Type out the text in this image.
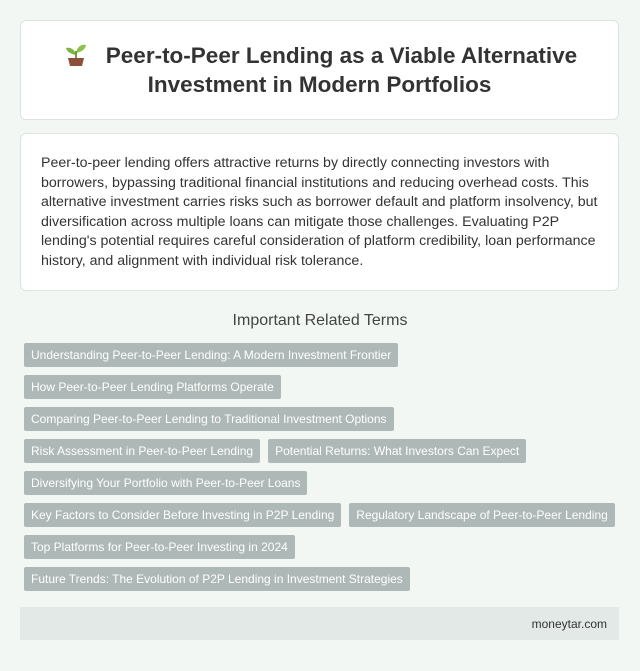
Peer-to-Peer Lending as a Viable Alternative Investment in Modern Portfolios

Peer-to-peer lending offers attractive returns by directly connecting investors with borrowers, bypassing traditional financial institutions and reducing overhead costs. This alternative investment carries risks such as borrower default and platform insolvency, but diversification across multiple loans can mitigate those challenges. Evaluating P2P lending's potential requires careful consideration of platform credibility, loan performance history, and alignment with individual risk tolerance.

Important Related Terms
Understanding Peer-to-Peer Lending: A Modern Investment Frontier
How Peer-to-Peer Lending Platforms Operate
Comparing Peer-to-Peer Lending to Traditional Investment Options
Risk Assessment in Peer-to-Peer Lending	Potential Returns: What Investors Can Expect
Diversifying Your Portfolio with Peer-to-Peer Loans
Key Factors to Consider Before Investing in P2P Lending	Regulatory Landscape of Peer-to-Peer Lending
Top Platforms for Peer-to-Peer Investing in 2024
Future Trends: The Evolution of P2P Lending in Investment Strategies
moneytar.com
